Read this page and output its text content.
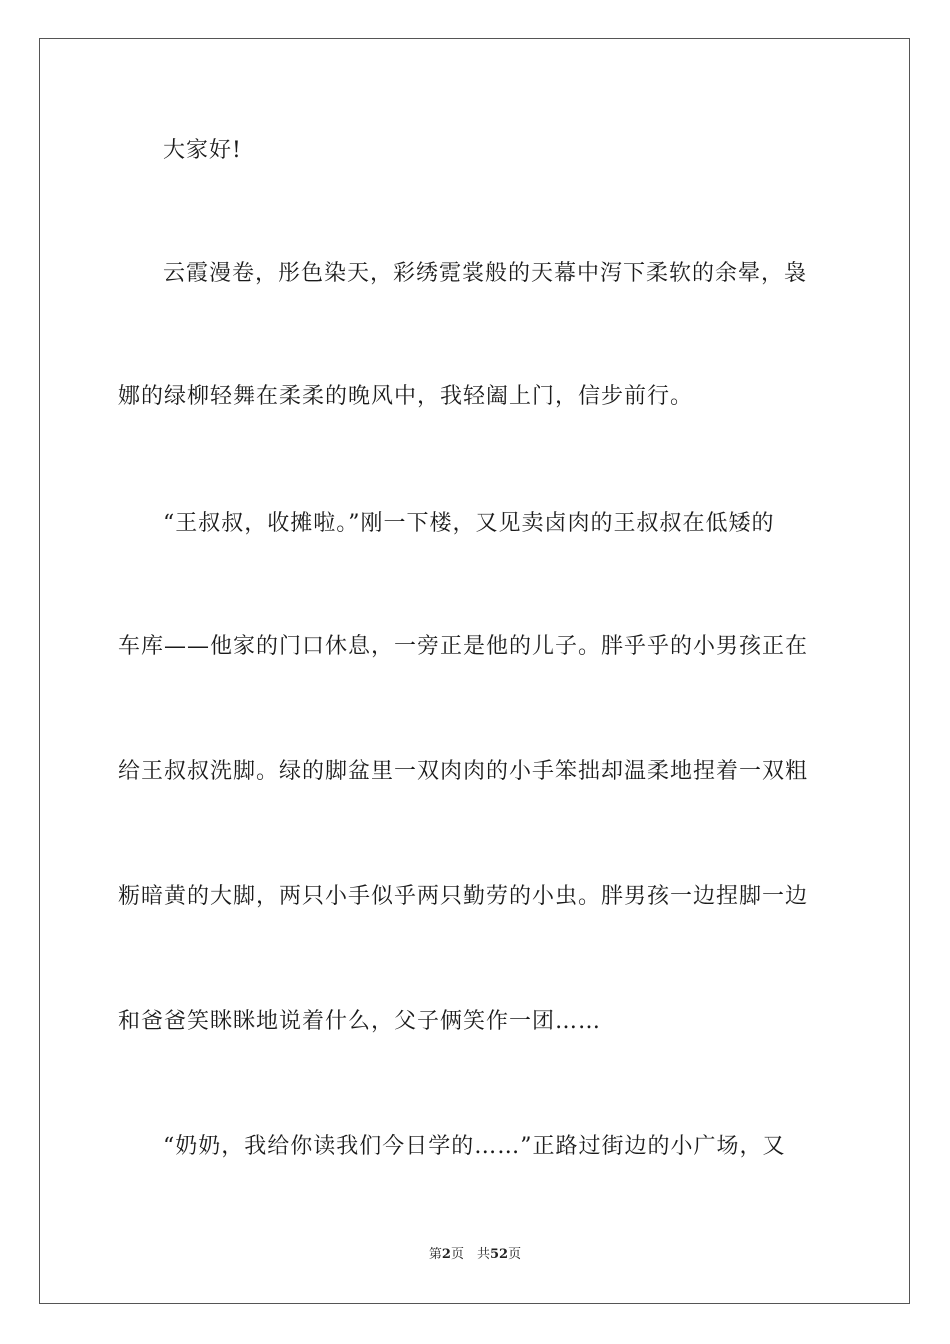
大家好!
云霞漫卷，彤色染天，彩绣霓裳般的天幕中泻下柔软的余晕，袅
娜的绿柳轻舞在柔柔的晚风中，我轻阖上门，信步前行。
“王叔叔，收摊啦。”刚一下楼，又见卖卤肉的王叔叔在低矮的
车库——他家的门口休息，一旁正是他的儿子。胖乎乎的小男孩正在
给王叔叔洗脚。绿的脚盆里一双肉肉的小手笨拙却温柔地捏着一双粗
粝暗黄的大脚，两只小手似乎两只勤劳的小虫。胖男孩一边捏脚一边
和爸爸笑眯眯地说着什么，父子俩笑作一团……
“奶奶，我给你读我们今日学的……”正路过街边的小广场，又
第2页　共52页
